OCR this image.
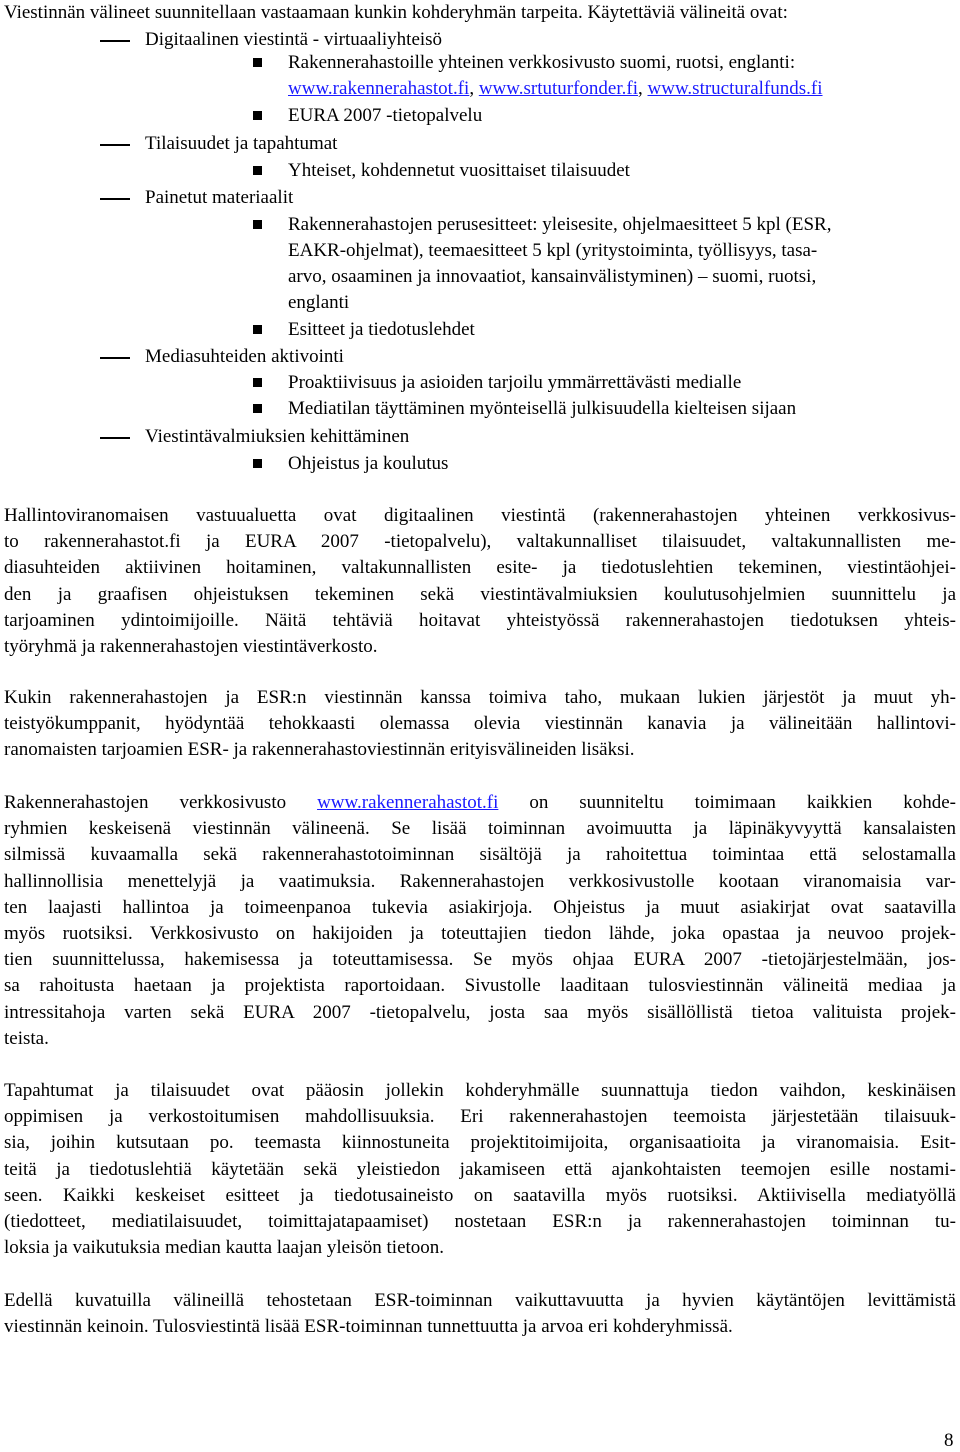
Viestinnän välineet suunnitellaan vastaamaan kunkin kohderyhmän tarpeita. Käytettäviä välineitä ovat:
Digitaalinen viestintä - virtuaaliyhteisö
Rakennerahastoille yhteinen verkkosivusto suomi, ruotsi, englanti:
www.rakennerahastot.fi, www.srtuturfonder.fi, www.structuralfunds.fi
EURA 2007 -tietopalvelu
Tilaisuudet ja tapahtumat
Yhteiset, kohdennetut vuosittaiset tilaisuudet
Painetut materiaalit
Rakennerahastojen perusesitteet: yleisesite, ohjelmaesitteet 5 kpl (ESR,
EAKR-ohjelmat), teemaesitteet 5 kpl (yritystoiminta, työllisyys, tasa-
arvo, osaaminen ja innovaatiot, kansainvälistyminen) – suomi, ruotsi,
englanti
Esitteet ja tiedotuslehdet
Mediasuhteiden aktivointi
Proaktiivisuus ja asioiden tarjoilu ymmärrettävästi medialle
Mediatilan täyttäminen myönteisellä julkisuudella kielteisen sijaan
Viestintävalmiuksien kehittäminen
Ohjeistus ja koulutus
Hallintoviranomaisen vastuualuetta ovat digitaalinen viestintä (rakennerahastojen yhteinen verkkosivus-
to rakennerahastot.fi ja EURA 2007 -tietopalvelu), valtakunnalliset tilaisuudet, valtakunnallisten me-
diasuhteiden aktiivinen hoitaminen, valtakunnallisten esite- ja tiedotuslehtien tekeminen, viestintäohjei-
den ja graafisen ohjeistuksen tekeminen sekä viestintävalmiuksien koulutusohjelmien suunnittelu ja
tarjoaminen ydintoimijoille. Näitä tehtäviä hoitavat yhteistyössä rakennerahastojen tiedotuksen yhteis-
työryhmä ja rakennerahastojen viestintäverkosto.
Kukin rakennerahastojen ja ESR:n viestinnän kanssa toimiva taho, mukaan lukien järjestöt ja muut yh-
teistyökumppanit, hyödyntää tehokkaasti olemassa olevia viestinnän kanavia ja välineitään hallintovi-
ranomaisten tarjoamien ESR- ja rakennerahastoviestinnän erityisvälineiden lisäksi.
Rakennerahastojen verkkosivusto www.rakennerahastot.fi on suunniteltu toimimaan kaikkien kohde-
ryhmien keskeisenä viestinnän välineenä. Se lisää toiminnan avoimuutta ja läpinäkyvyyttä kansalaisten
silmissä kuvaamalla sekä rakennerahastotoiminnan sisältöjä ja rahoitettua toimintaa että selostamalla
hallinnollisia menettelyjä ja vaatimuksia. Rakennerahastojen verkkosivustolle kootaan viranomaisia var-
ten laajasti hallintoa ja toimeenpanoa tukevia asiakirjoja. Ohjeistus ja muut asiakirjat ovat saatavilla
myös ruotsiksi. Verkkosivusto on hakijoiden ja toteuttajien tiedon lähde, joka opastaa ja neuvoo projek-
tien suunnittelussa, hakemisessa ja toteuttamisessa. Se myös ohjaa EURA 2007 -tietojärjestelmään, jos-
sa rahoitusta haetaan ja projektista raportoidaan. Sivustolle laaditaan tulosviestinnän välineitä mediaa ja
intressitahoja varten sekä EURA 2007 -tietopalvelu, josta saa myös sisällöllistä tietoa valituista projek-
teista.
Tapahtumat ja tilaisuudet ovat pääosin jollekin kohderyhmälle suunnattuja tiedon vaihdon, keskinäisen
oppimisen ja verkostoitumisen mahdollisuuksia. Eri rakennerahastojen teemoista järjestetään tilaisuuk-
sia, joihin kutsutaan po. teemasta kiinnostuneita projektitoimijoita, organisaatioita ja viranomaisia. Esit-
teitä ja tiedotuslehtiä käytetään sekä yleistiedon jakamiseen että ajankohtaisten teemojen esille nostami-
seen. Kaikki keskeiset esitteet ja tiedotusaineisto on saatavilla myös ruotsiksi. Aktiivisella mediatyöllä
(tiedotteet, mediatilaisuudet, toimittajatapaamiset) nostetaan ESR:n ja rakennerahastojen toiminnan tu-
loksia ja vaikutuksia median kautta laajan yleisön tietoon.
Edellä kuvatuilla välineillä tehostetaan ESR-toiminnan vaikuttavuutta ja hyvien käytäntöjen levittämistä
viestinnän keinoin. Tulosviestintä lisää ESR-toiminnan tunnettuutta ja arvoa eri kohderyhmissä.
8
